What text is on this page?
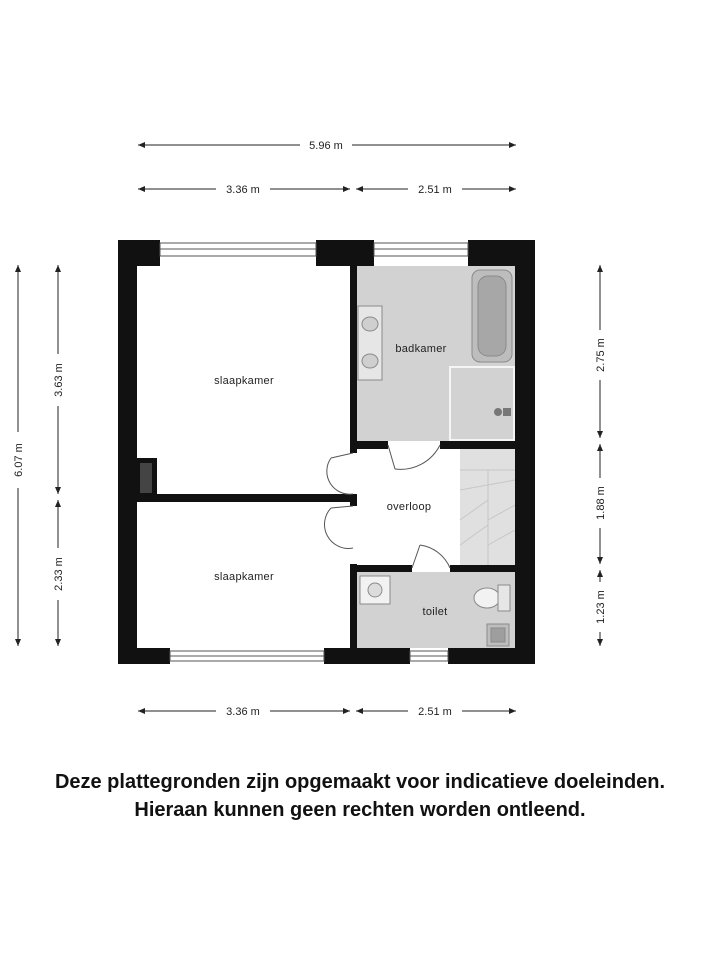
5.96 m
3.36 m	2.51 m
3.36 m	2.51 m
6.07 m
3.63 m
2.33 m
2.75 m
1.88 m
1.23 m
slaapkamer
badkamer
overloop
slaapkamer
toilet
Deze plattegronden zijn opgemaakt voor indicatieve doeleinden.
Hieraan kunnen geen rechten worden ontleend.
